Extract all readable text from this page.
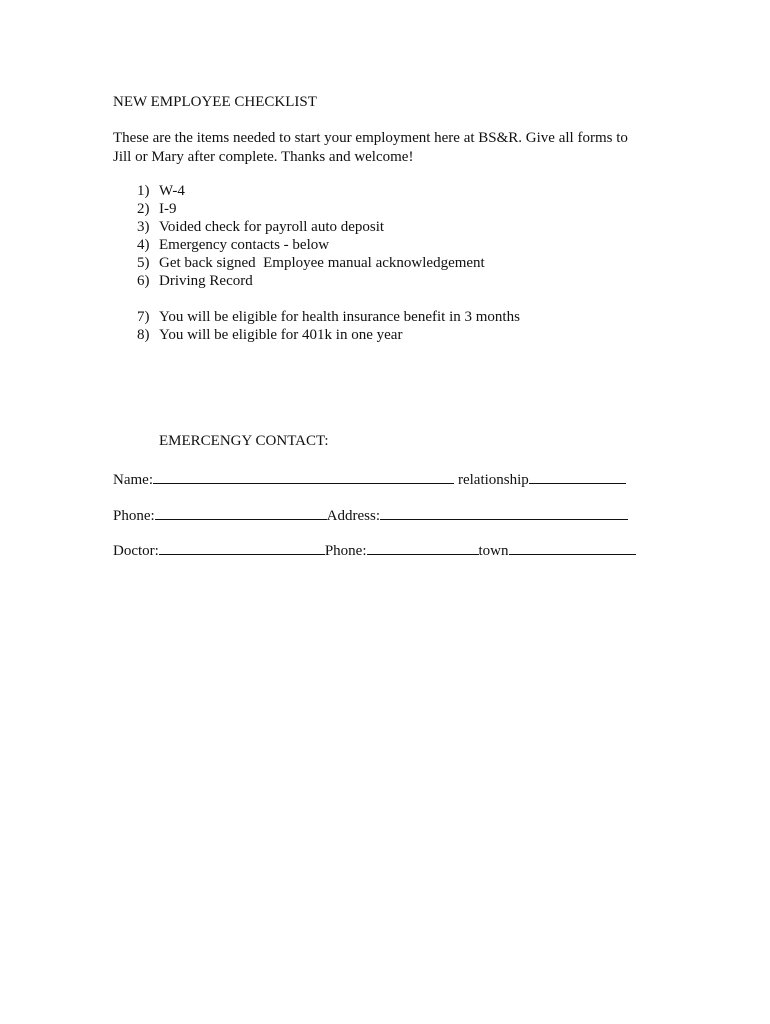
NEW EMPLOYEE CHECKLIST
These are the items needed to start your employment here at BS&R. Give all forms to
Jill or Mary after complete. Thanks and welcome!
1) W-4
2) I-9
3) Voided check for payroll auto deposit
4) Emergency contacts - below
5) Get back signed  Employee manual acknowledgement
6) Driving Record
7) You will be eligible for health insurance benefit in 3 months
8) You will be eligible for 401k in one year
EMERCENGY CONTACT:
Name:	relationship
Phone:	Address:
Doctor:	Phone:	town
